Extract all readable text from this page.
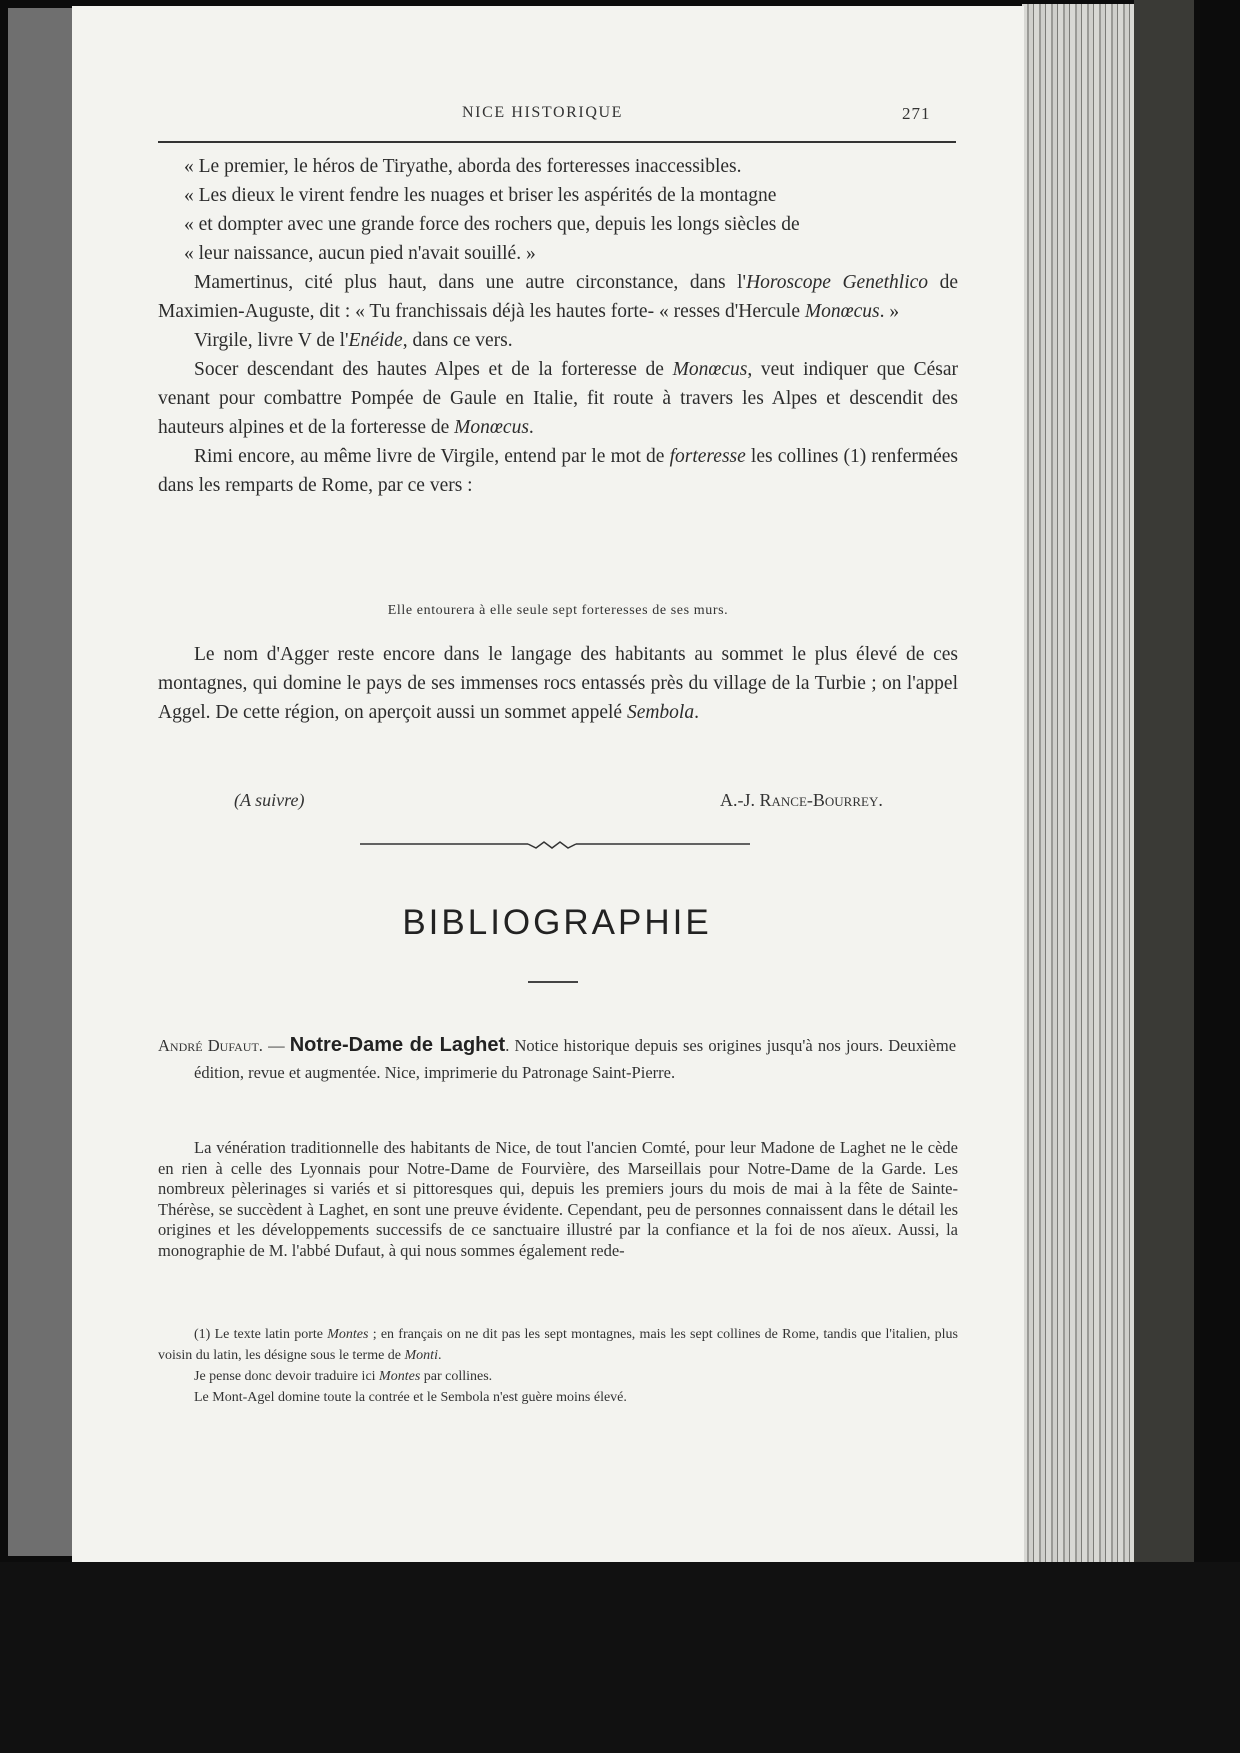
NICE HISTORIQUE	271

« Le premier, le héros de Tiryathe, aborda des forteresses inaccessibles.

« Les dieux le virent fendre les nuages et briser les aspérités de la montagne

« et dompter avec une grande force des rochers que, depuis les longs siècles de

« leur naissance, aucun pied n'avait souillé. »

Mamertinus, cité plus haut, dans une autre circonstance, dans l'Horoscope Genethlico de Maximien-Auguste, dit : « Tu franchissais déjà les hautes forte- « resses d'Hercule Monœcus. »

Virgile, livre V de l'Enéide, dans ce vers.

Socer descendant des hautes Alpes et de la forteresse de Monœcus, veut indiquer que César venant pour combattre Pompée de Gaule en Italie, fit route à travers les Alpes et descendit des hauteurs alpines et de la forteresse de Monœcus.

Rimi encore, au même livre de Virgile, entend par le mot de forteresse les collines (1) renfermées dans les remparts de Rome, par ce vers :

Elle entourera à elle seule sept forteresses de ses murs.

Le nom d'Agger reste encore dans le langage des habitants au sommet le plus élevé de ces montagnes, qui domine le pays de ses immenses rocs entassés près du village de la Turbie ; on l'appel Aggel. De cette région, on aperçoit aussi un sommet appelé Sembola.

(A suivre)	A.-J. Rance-Bourrey.
BIBLIOGRAPHIE
André Dufaut. — Notre-Dame de Laghet. Notice historique depuis ses origines jusqu'à nos jours. Deuxième édition, revue et augmentée. Nice, imprimerie du Patronage Saint-Pierre.

La vénération traditionnelle des habitants de Nice, de tout l'ancien Comté, pour leur Madone de Laghet ne le cède en rien à celle des Lyonnais pour Notre-Dame de Fourvière, des Marseillais pour Notre-Dame de la Garde. Les nombreux pèlerinages si variés et si pittoresques qui, depuis les premiers jours du mois de mai à la fête de Sainte-Thérèse, se succèdent à Laghet, en sont une preuve évidente. Cependant, peu de personnes connaissent dans le détail les origines et les développements successifs de ce sanctuaire illustré par la confiance et la foi de nos aïeux. Aussi, la monographie de M. l'abbé Dufaut, à qui nous sommes également rede-

(1) Le texte latin porte Montes ; en français on ne dit pas les sept montagnes, mais les sept collines de Rome, tandis que l'italien, plus voisin du latin, les désigne sous le terme de Monti.

Je pense donc devoir traduire ici Montes par collines.

Le Mont-Agel domine toute la contrée et le Sembola n'est guère moins élevé.
